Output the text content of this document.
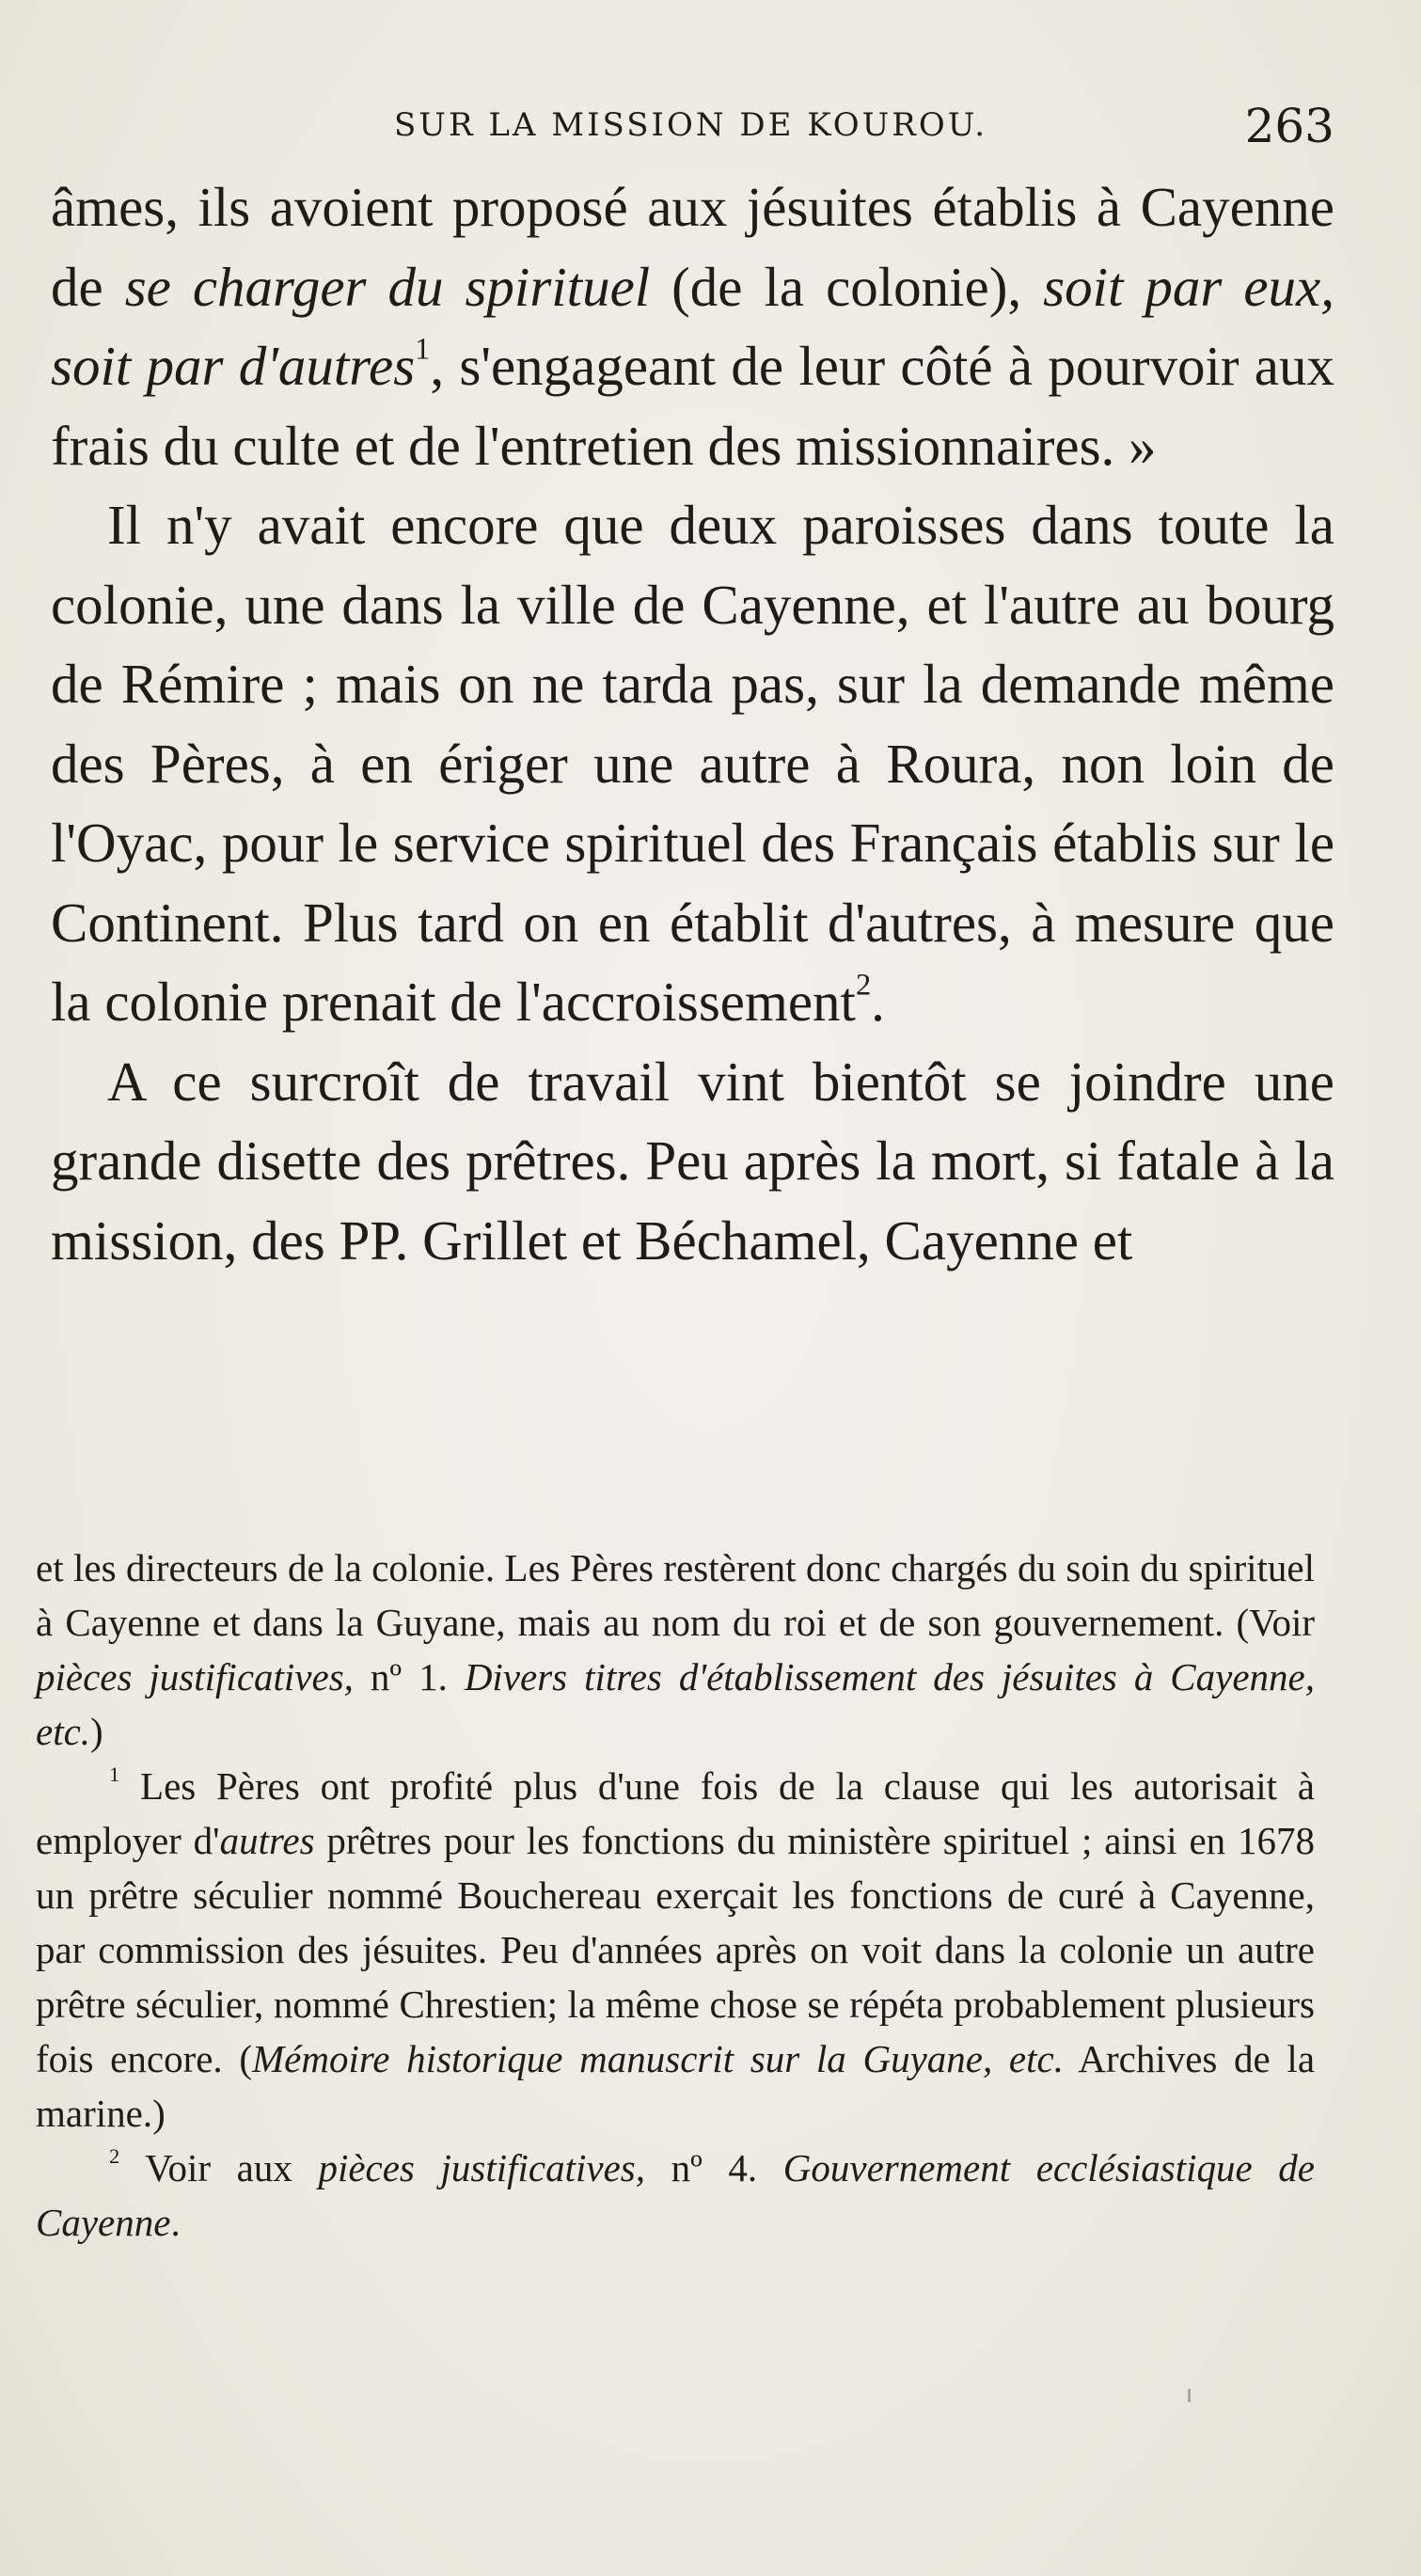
SUR LA MISSION DE KOUROU.	263

âmes, ils avoient proposé aux jésuites établis à Cayenne de se charger du spirituel (de la colonie), soit par eux, soit par d'autres$^1$, s'engageant de leur côté à pourvoir aux frais du culte et de l'entretien des missionnaires. »

Il n'y avait encore que deux paroisses dans toute la colonie, une dans la ville de Cayenne, et l'autre au bourg de Rémire ; mais on ne tarda pas, sur la demande même des Pères, à en ériger une autre à Roura, non loin de l'Oyac, pour le service spirituel des Français établis sur le Continent. Plus tard on en établit d'autres, à mesure que la colonie prenait de l'accroissement$^2$.

A ce surcroît de travail vint bientôt se joindre une grande disette des prêtres. Peu après la mort, si fatale à la mission, des PP. Grillet et Béchamel, Cayenne et

et les directeurs de la colonie. Les Pères restèrent donc chargés du soin du spirituel à Cayenne et dans la Guyane, mais au nom du roi et de son gouvernement. (Voir pièces justificatives, nº 1. Divers titres d'établissement des jésuites à Cayenne, etc.)

$^1$ Les Pères ont profité plus d'une fois de la clause qui les autorisait à employer d'autres prêtres pour les fonctions du ministère spirituel ; ainsi en 1678 un prêtre séculier nommé Bouchereau exerçait les fonctions de curé à Cayenne, par commission des jésuites. Peu d'années après on voit dans la colonie un autre prêtre séculier, nommé Chrestien; la même chose se répéta probablement plusieurs fois encore. (Mémoire historique manuscrit sur la Guyane, etc. Archives de la marine.)

$^2$ Voir aux pièces justificatives, nº 4. Gouvernement ecclésiastique de Cayenne.
